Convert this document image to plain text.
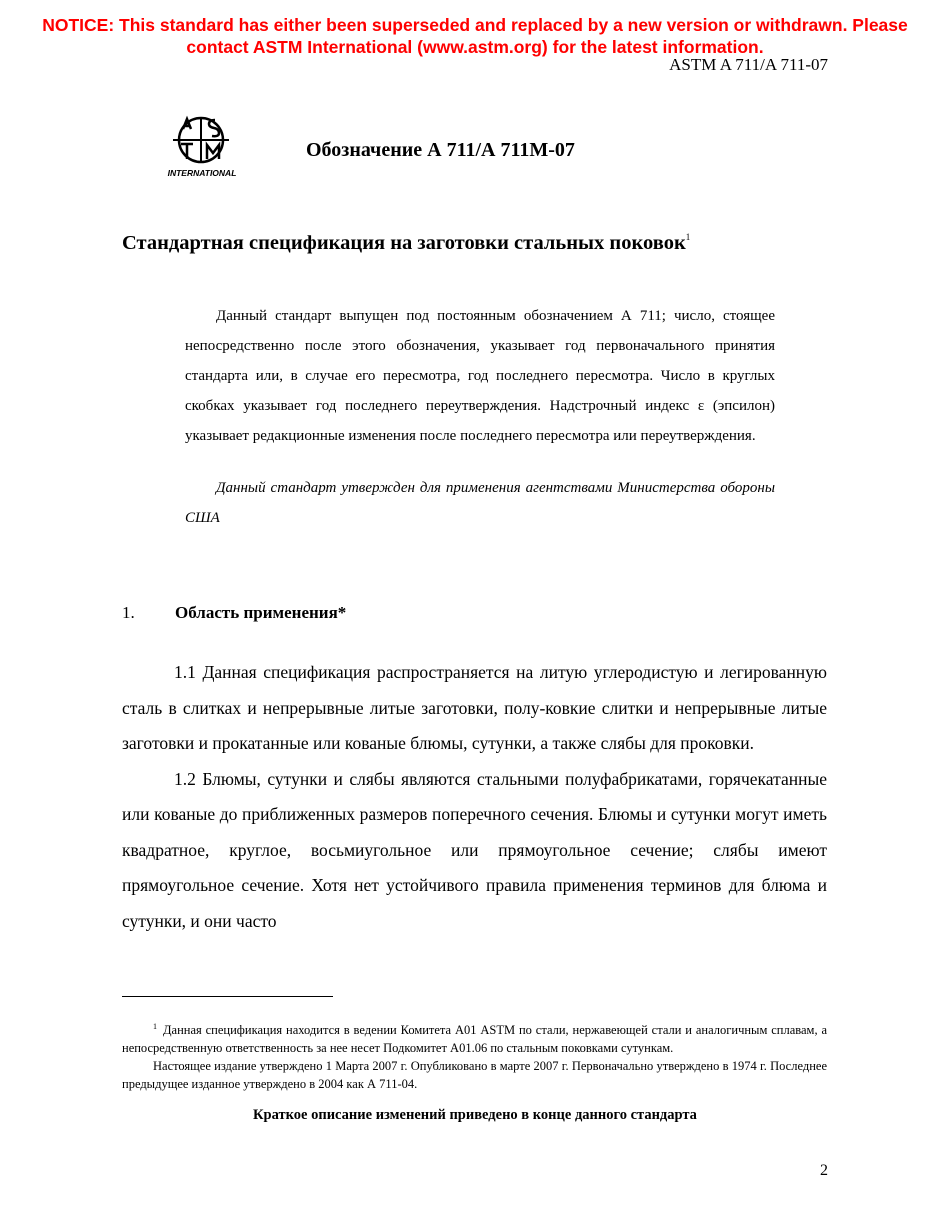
NOTICE: This standard has either been superseded and replaced by a new version or withdrawn. Please
contact ASTM International (www.astm.org) for the latest information.
ASTM A 711/A 711-07
INTERNATIONAL
Обозначение А 711/А 711М-07
Стандартная спецификация на заготовки стальных поковок$^1$

Данный стандарт выпущен под постоянным обозначением А 711; число, стоящее непосредственно после этого обозначения, указывает год первоначального принятия стандарта или, в случае его пересмотра, год последнего пересмотра. Число в круглых скобках указывает год последнего переутверждения. Надстрочный индекс ε (эпсилон) указывает редакционные изменения после последнего пересмотра или переутверждения.

Данный стандарт утвержден для применения агентствами Министерства обороны США

1. Область применения*

1.1 Данная спецификация распространяется на литую углеродистую и легированную сталь в слитках и непрерывные литые заготовки, полу-ковкие слитки и непрерывные литые заготовки и прокатанные или кованые блюмы, сутунки, а также слябы для проковки.

1.2 Блюмы, сутунки и слябы являются стальными полуфабрикатами, горячекатанные или кованые до приближенных размеров поперечного сечения. Блюмы и сутунки могут иметь квадратное, круглое, восьмиугольное или прямоугольное сечение; слябы имеют прямоугольное сечение. Хотя нет устойчивого правила применения терминов для блюма и сутунки, и они часто

$^1$ Данная спецификация находится в ведении Комитета А01 ASTM по стали, нержавеющей стали и аналогичным сплавам, а непосредственную ответственность за нее несет Подкомитет А01.06 по стальным поковками сутункам.

Настоящее издание утверждено 1 Марта 2007 г. Опубликовано в марте 2007 г. Первоначально утверждено в 1974 г. Последнее предыдущее изданное утверждено в 2004 как А 711-04.

Краткое описание изменений приведено в конце данного стандарта
2
